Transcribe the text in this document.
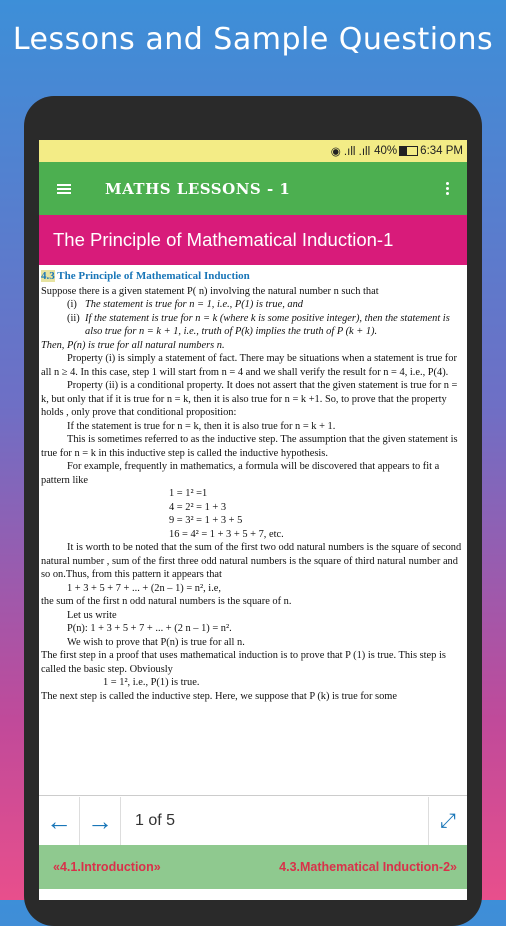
Lessons and Sample Questions
◉ .ıll .ıll 40% 6:34 PM
MATHS LESSONS - 1
The Principle of Mathematical Induction-1
4.3 The Principle of Mathematical Induction

Suppose there is a given statement P( n) involving the natural number n such that

(i) The statement is true for n = 1, i.e., P(1) is true, and
(ii) If the statement is true for n = k (where k is some positive integer), then the statement is also true for n = k + 1, i.e., truth of P(k) implies the truth of P (k + 1).

Then, P(n) is true for all natural numbers n.

Property (i) is simply a statement of fact. There may be situations when a statement is true for all n ≥ 4. In this case, step 1 will start from n = 4 and we shall verify the result for n = 4, i.e., P(4).

Property (ii) is a conditional property. It does not assert that the given statement is true for n = k, but only that if it is true for n = k, then it is also true for n = k +1. So, to prove that the property holds , only prove that conditional proposition:

If the statement is true for n = k, then it is also true for n = k + 1.

This is sometimes referred to as the inductive step. The assumption that the given statement is true for n = k in this inductive step is called the inductive hypothesis.

For example, frequently in mathematics, a formula will be discovered that appears to fit a pattern like

1 = 1² =1

4 = 2² = 1 + 3

9 = 3² = 1 + 3 + 5

16 = 4² = 1 + 3 + 5 + 7, etc.

It is worth to be noted that the sum of the first two odd natural numbers is the square of second natural number , sum of the first three odd natural numbers is the square of third natural number and so on.Thus, from this pattern it appears that

1 + 3 + 5 + 7 + ... + (2n – 1) = n², i.e,

the sum of the first n odd natural numbers is the square of n.

Let us write

P(n): 1 + 3 + 5 + 7 + ... + (2 n – 1) = n².

We wish to prove that P(n) is true for all n.

The first step in a proof that uses mathematical induction is to prove that P (1) is true. This step is called the basic step. Obviously

1 = 1², i.e., P(1) is true.

The next step is called the inductive step. Here, we suppose that P (k) is true for some

← →	1 of 5	⤢
«4.1.Introduction»	4.3.Mathematical Induction-2»
